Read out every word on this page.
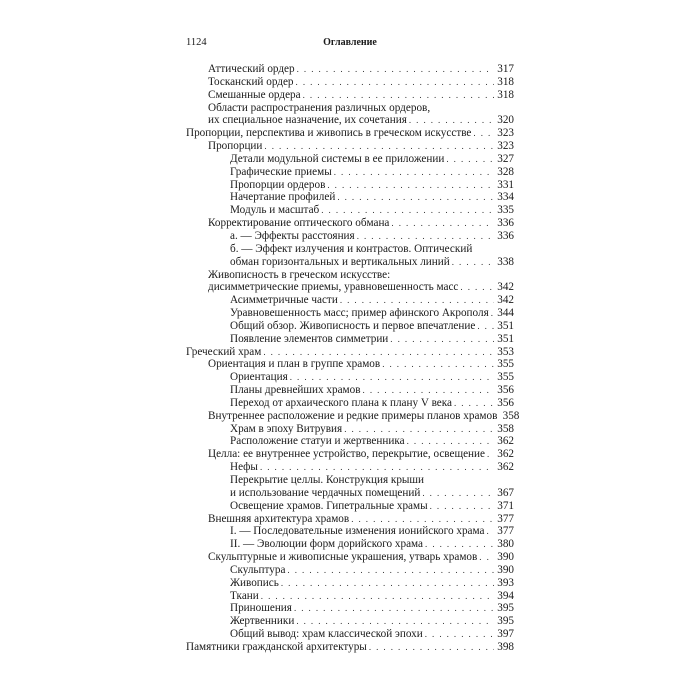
1124	Оглавление
Аттический ордер . . .	317
Тосканский ордер . . .	318
Смешанные ордера . . .	318
Области распространения различных ордеров,
их специальное назначение, их сочетания . . .	320
Пропорции, перспектива и живопись в греческом искусстве . . . 323
Пропорции . . .	323
Детали модульной системы в ее приложении . . .	327
Графические приемы . . .	328
Пропорции ордеров . . .	331
Начертание профилей . . .	334
Модуль и масштаб . . .	335
Корректирование оптического обмана . . .	336
а. — Эффекты расстояния . . .	336
б. — Эффект излучения и контрастов. Оптический
обман горизонтальных и вертикальных линий . . .	338
Живописность в греческом искусстве:
дисимметрические приемы, уравновешенность масс . . .	342
Асимметричные части . . .	342
Уравновешенность масс; пример афинского Акрополя . . . 344
Общий обзор. Живописность и первое впечатление . . . 351
Появление элементов симметрии . . .	351
Греческий храм . . .	353
Ориентация и план в группе храмов . . .	355
Ориентация . . .	355
Планы древнейших храмов . . .	356
Переход от архаического плана к плану V века . . .	356
Внутреннее расположение и редкие примеры планов храмов 358
Храм в эпоху Витрувия . . .	358
Расположение статуи и жертвенника . . .	362
Целла: ее внутреннее устройство, перекрытие, освещение . . . 362
Нефы . . .	362
Перекрытие целлы. Конструкция крыши
и использование чердачных помещений . . .	367
Освещение храмов. Гипетральные храмы . . .	371
Внешняя архитектура храмов . . .	377
I. — Последовательные изменения ионийского храма . . . 377
II. — Эволюции форм дорийского храма . . .	380
Скульптурные и живописные украшения, утварь храмов . . . 390
Скульптура . . .	390
Живопись . . .	393
Ткани . . .	394
Приношения . . .	395
Жертвенники . . .	395
Общий вывод: храм классической эпохи . . .	397
Памятники гражданской архитектуры . . .	398
